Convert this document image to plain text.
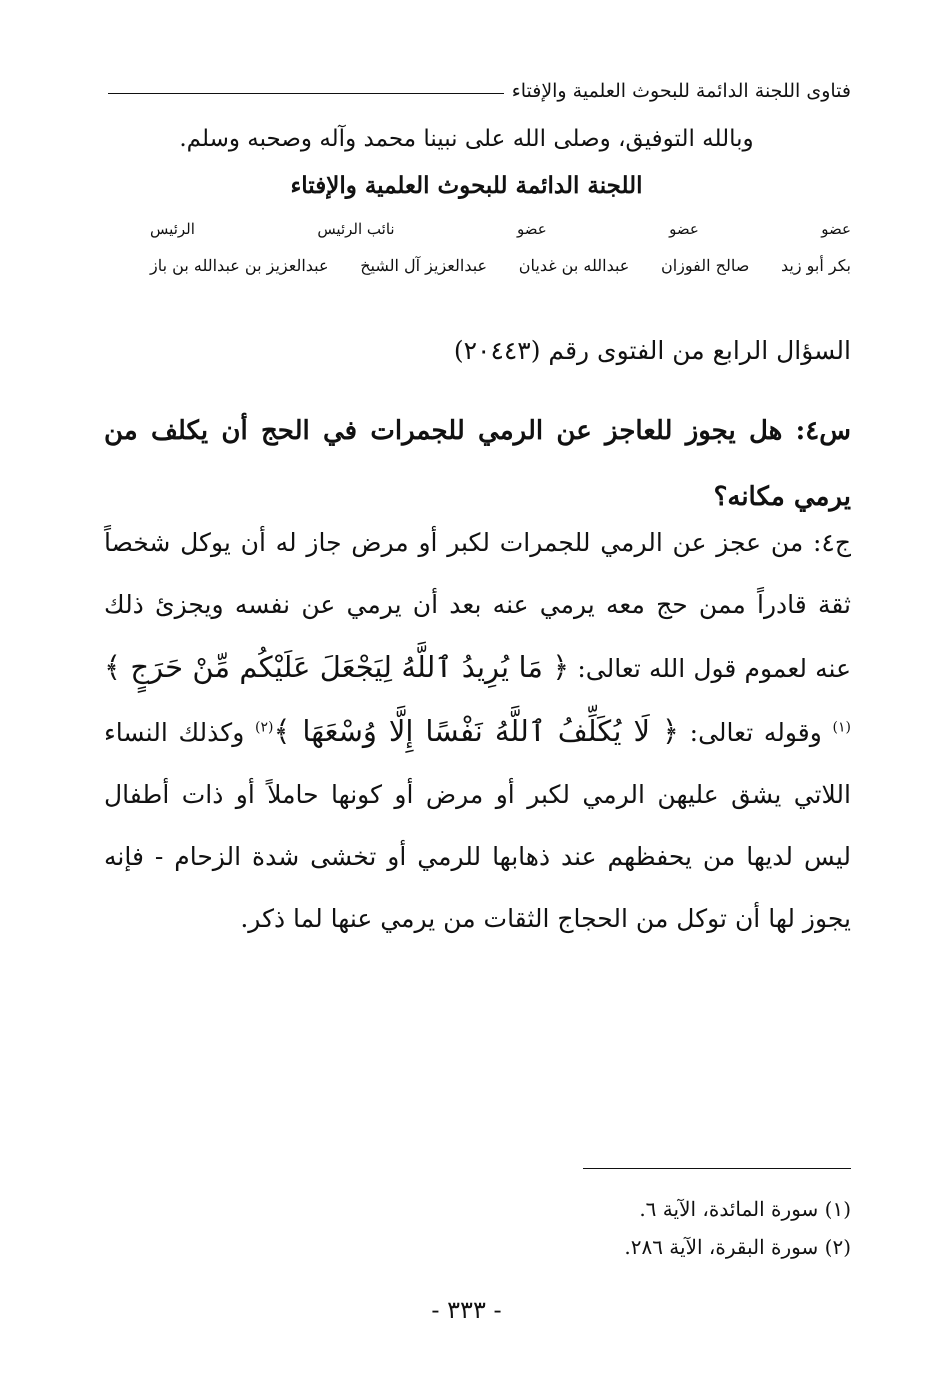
فتاوى اللجنة الدائمة للبحوث العلمية والإفتاء
وبالله التوفيق، وصلى الله على نبينا محمد وآله وصحبه وسلم.
اللجنة الدائمة للبحوث العلمية والإفتاء
عضو
عضو
عضو
نائب الرئيس
الرئيس
بكر أبو زيد
صالح الفوزان
عبدالله بن غديان
عبدالعزيز آل الشيخ
عبدالعزيز بن عبدالله بن باز
السؤال الرابع من الفتوى رقم (٢٠٤٤٣)
س٤: هل يجوز للعاجز عن الرمي للجمرات في الحج أن يكلف من يرمي مكانه؟
ج٤: من عجز عن الرمي للجمرات لكبر أو مرض جاز له أن يوكل شخصاً ثقة قادراً ممن حج معه يرمي عنه بعد أن يرمي عن نفسه ويجزئ ذلك عنه لعموم قول الله تعالى: ﴿ مَا يُرِيدُ ٱللَّهُ لِيَجْعَلَ عَلَيْكُم مِّنْ حَرَجٍ ﴾$^{(١)}$ وقوله تعالى: ﴿ لَا يُكَلِّفُ ٱللَّهُ نَفْسًا إِلَّا وُسْعَهَا ﴾$^{(٢)}$ وكذلك النساء اللاتي يشق عليهن الرمي لكبر أو مرض أو كونها حاملاً أو ذات أطفال ليس لديها من يحفظهم عند ذهابها للرمي أو تخشى شدة الزحام - فإنه يجوز لها أن توكل من الحجاج الثقات من يرمي عنها لما ذكر.
(١) سورة المائدة، الآية ٦.
(٢) سورة البقرة، الآية ٢٨٦.
- ٣٣٣ -
